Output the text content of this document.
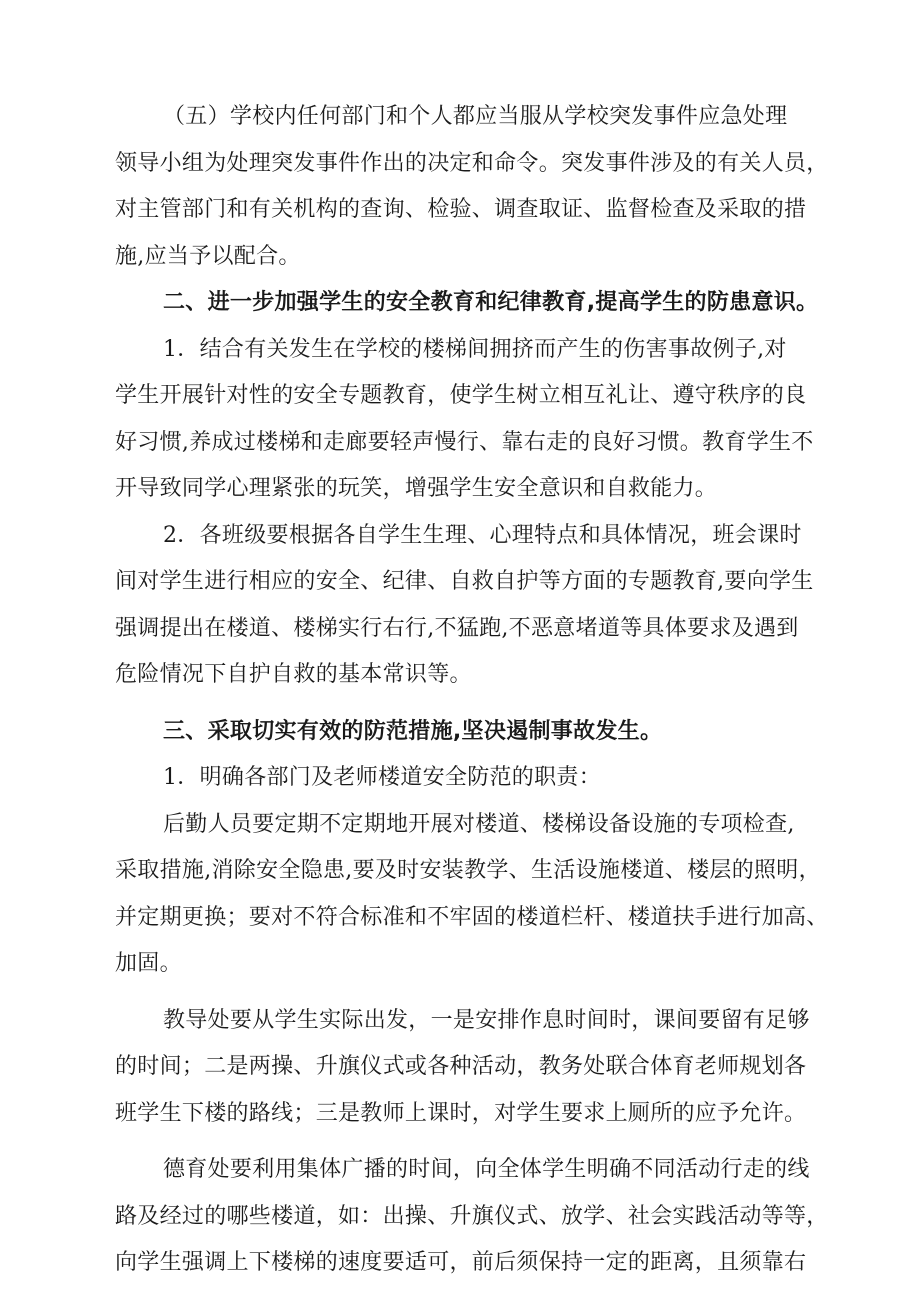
（五）学校内任何部门和个人都应当服从学校突发事件应急处理
领导小组为处理突发事件作出的决定和命令。突发事件涉及的有关人员，
对主管部门和有关机构的查询、检验、调查取证、监督检查及采取的措
施,应当予以配合。
二、进一步加强学生的安全教育和纪律教育,提高学生的防患意识。
1．结合有关发生在学校的楼梯间拥挤而产生的伤害事故例子,对
学生开展针对性的安全专题教育，使学生树立相互礼让、遵守秩序的良
好习惯,养成过楼梯和走廊要轻声慢行、靠右走的良好习惯。教育学生不
开导致同学心理紧张的玩笑，增强学生安全意识和自救能力。
2．各班级要根据各自学生生理、心理特点和具体情况，班会课时
间对学生进行相应的安全、纪律、自救自护等方面的专题教育,要向学生
强调提出在楼道、楼梯实行右行,不猛跑,不恶意堵道等具体要求及遇到
危险情况下自护自救的基本常识等。
三、采取切实有效的防范措施,坚决遏制事故发生。
1．明确各部门及老师楼道安全防范的职责：
后勤人员要定期不定期地开展对楼道、楼梯设备设施的专项检查,
采取措施,消除安全隐患,要及时安装教学、生活设施楼道、楼层的照明，
并定期更换；要对不符合标准和不牢固的楼道栏杆、楼道扶手进行加高、
加固。
教导处要从学生实际出发，一是安排作息时间时，课间要留有足够
的时间；二是两操、升旗仪式或各种活动，教务处联合体育老师规划各
班学生下楼的路线；三是教师上课时，对学生要求上厕所的应予允许。
德育处要利用集体广播的时间，向全体学生明确不同活动行走的线
路及经过的哪些楼道，如：出操、升旗仪式、放学、社会实践活动等等，
向学生强调上下楼梯的速度要适可，前后须保持一定的距离，且须靠右
